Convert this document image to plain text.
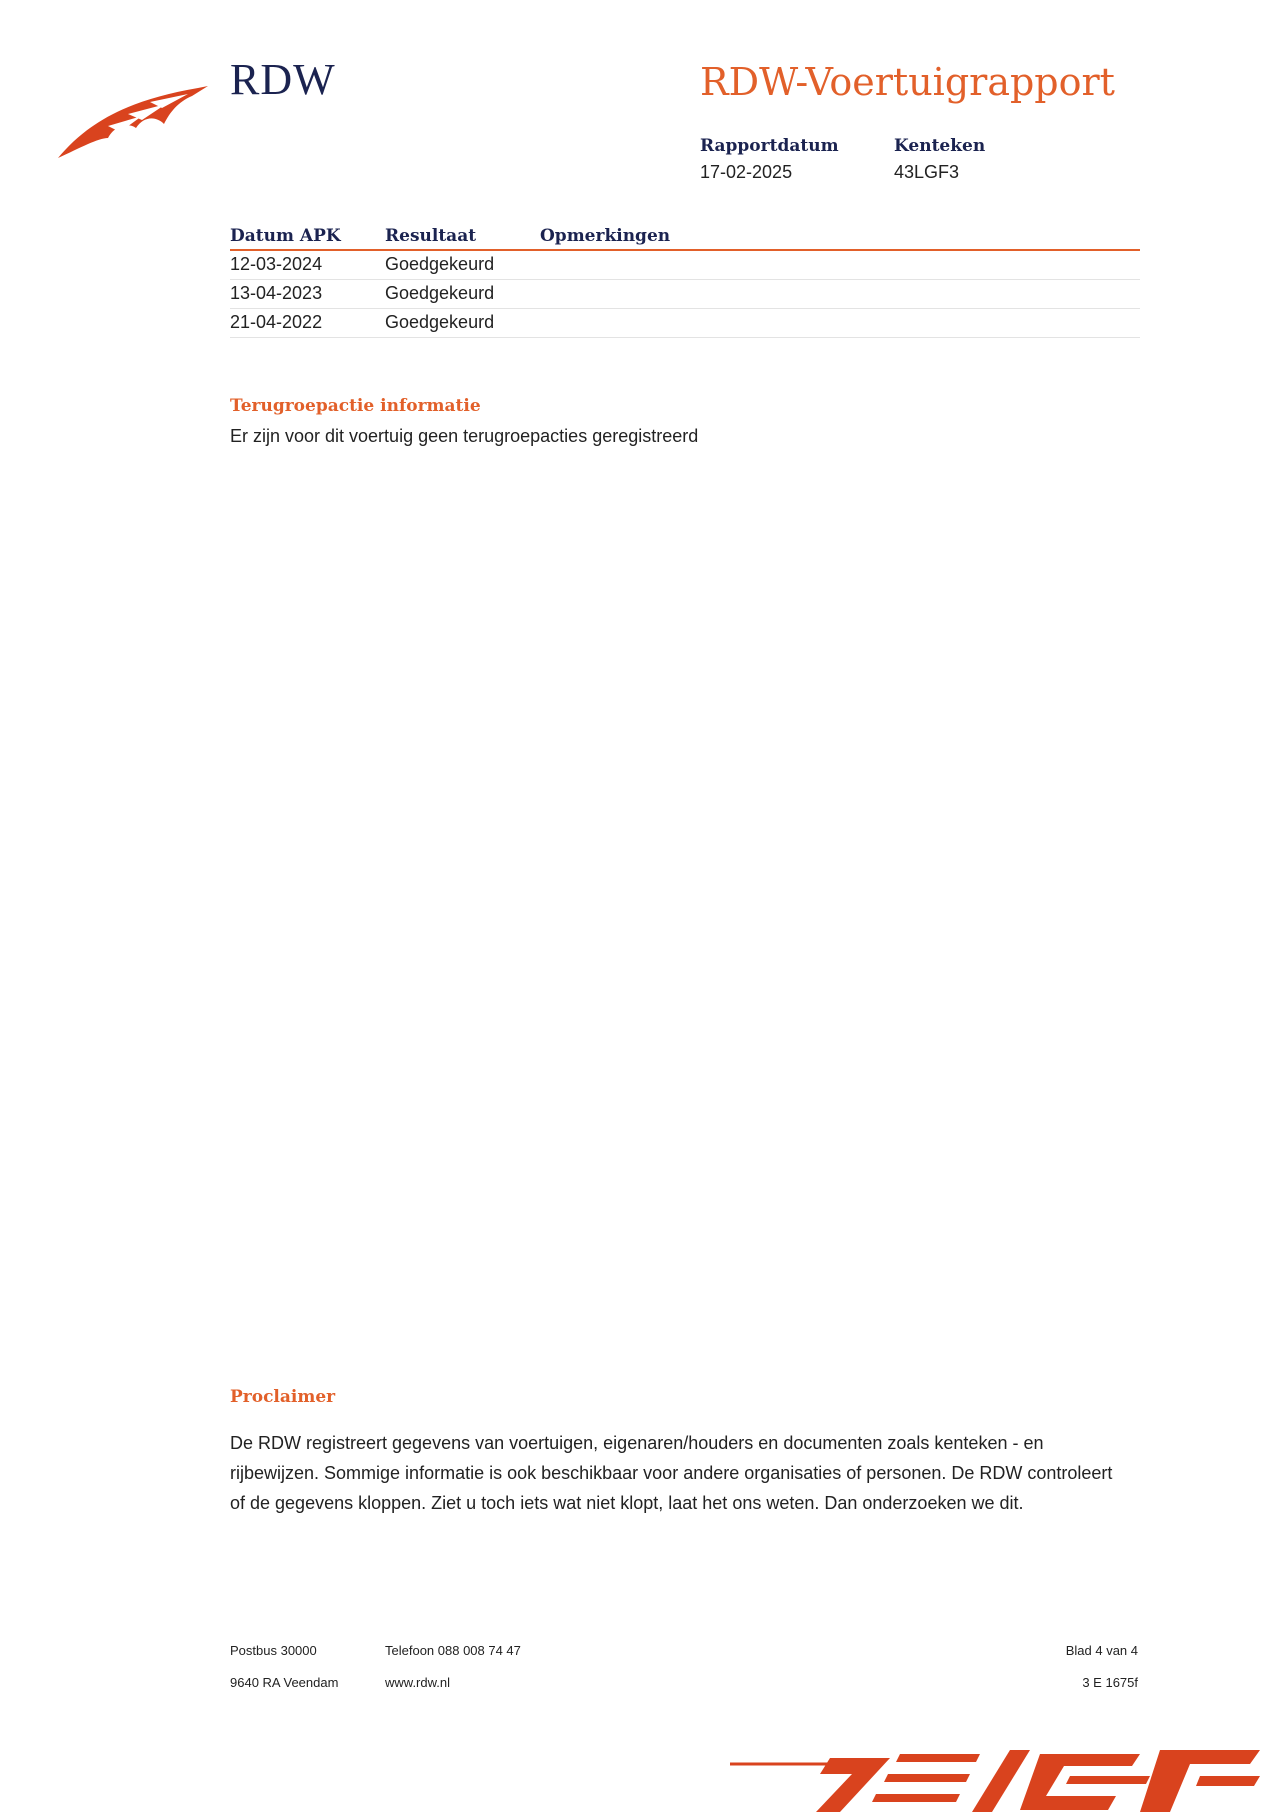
RDW	RDW-Voertuigrapport
Rapportdatum
17-02-2025
Kenteken
43LGF3
Datum APK	Resultaat	Opmerkingen
12-03-2024	Goedgekeurd	
13-04-2023	Goedgekeurd	
21-04-2022	Goedgekeurd	
Terugroepactie informatie
Er zijn voor dit voertuig geen terugroepacties geregistreerd
Proclaimer

De RDW registreert gegevens van voertuigen, eigenaren/houders en documenten zoals kenteken - en rijbewijzen. Sommige informatie is ook beschikbaar voor andere organisaties of personen. De RDW controleert of de gegevens kloppen. Ziet u toch iets wat niet klopt, laat het ons weten. Dan onderzoeken we dit.

Postbus 30000	Telefoon 088 008 74 47
9640 RA Veendam	www.rdw.nl
Blad 4 van 4
3 E 1675f
